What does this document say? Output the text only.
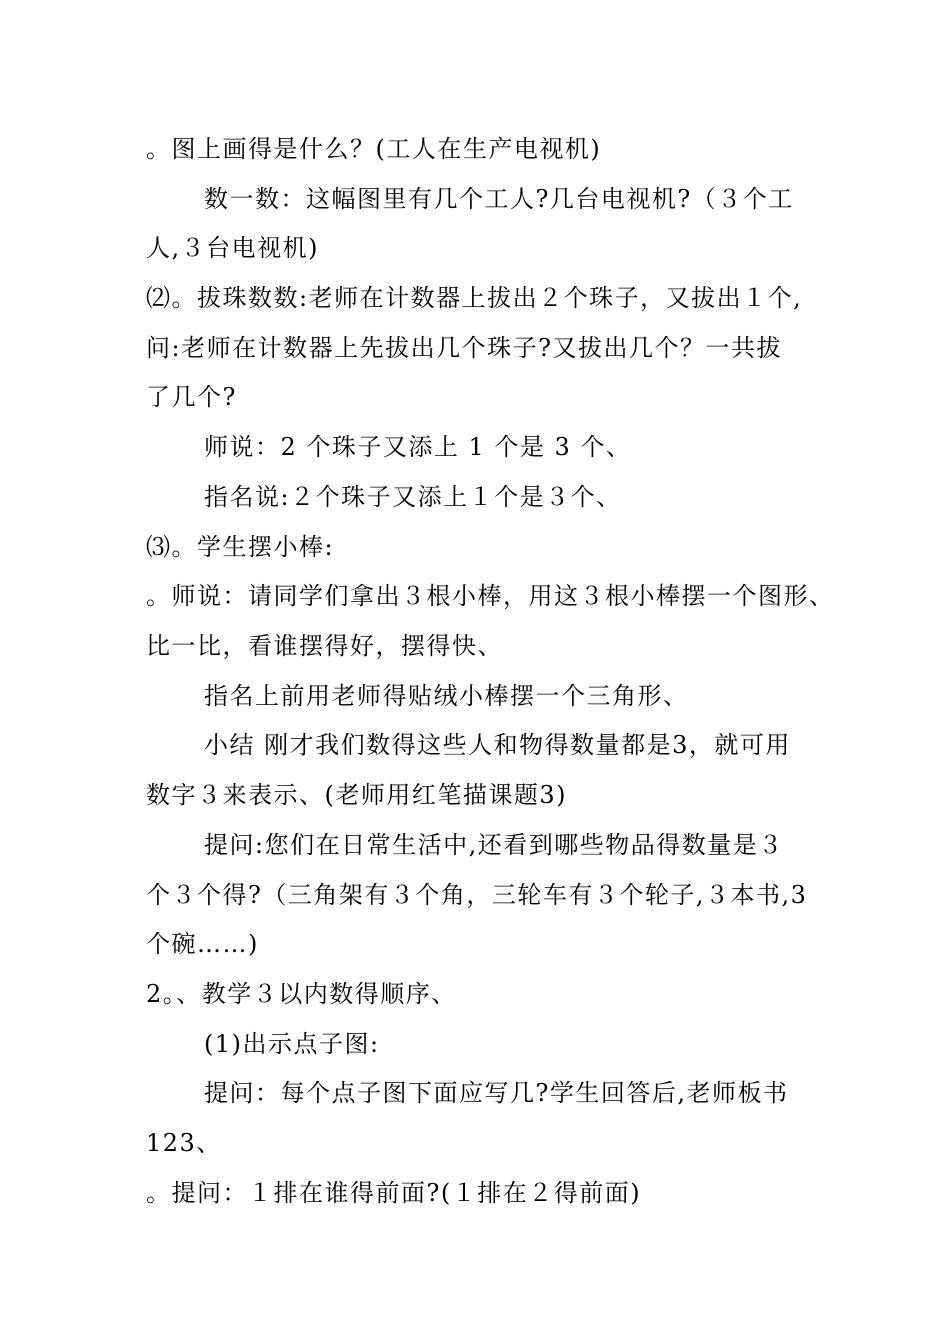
。图上画得是什么？(工人在生产电视机)
数一数：这幅图里有几个工人?几台电视机?（３个工
人,３台电视机)
⑵。拔珠数数:老师在计数器上拔出２个珠子，又拔出１个,
问:老师在计数器上先拔出几个珠子?又拔出几个？一共拔
了几个?
师说：2 个珠子又添上 1 个是 3 个、
指名说:２个珠子又添上１个是３个、
⑶。学生摆小棒:
。师说：请同学们拿出３根小棒，用这３根小棒摆一个图形、
比一比，看谁摆得好，摆得快、
指名上前用老师得贴绒小棒摆一个三角形、
小结 刚才我们数得这些人和物得数量都是3，就可用
数字３来表示、(老师用红笔描课题3)
提问:您们在日常生活中,还看到哪些物品得数量是３
个３个得?（三角架有３个角，三轮车有３个轮子,３本书,3
个碗……)
2。、教学３以内数得顺序、
(1)出示点子图:
提问：每个点子图下面应写几?学生回答后,老师板书
123、
。提问：１排在谁得前面?(１排在２得前面)
